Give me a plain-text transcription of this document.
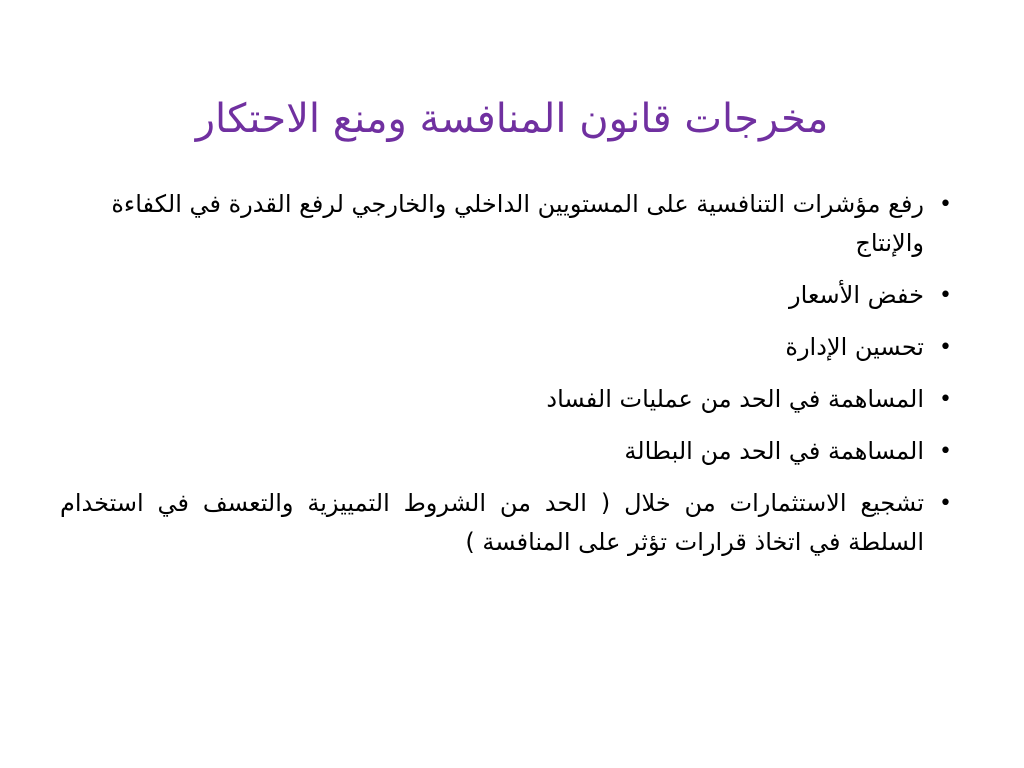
مخرجات قانون المنافسة ومنع الاحتكار
• رفع مؤشرات التنافسية على المستويين الداخلي والخارجي لرفع القدرة في الكفاءة والإنتاج
• خفض الأسعار
• تحسين الإدارة
• المساهمة في الحد من عمليات الفساد
• المساهمة في الحد من البطالة
• تشجيع الاستثمارات من خلال ( الحد من الشروط التمييزية والتعسف في استخدام السلطة في اتخاذ قرارات تؤثر على المنافسة )
